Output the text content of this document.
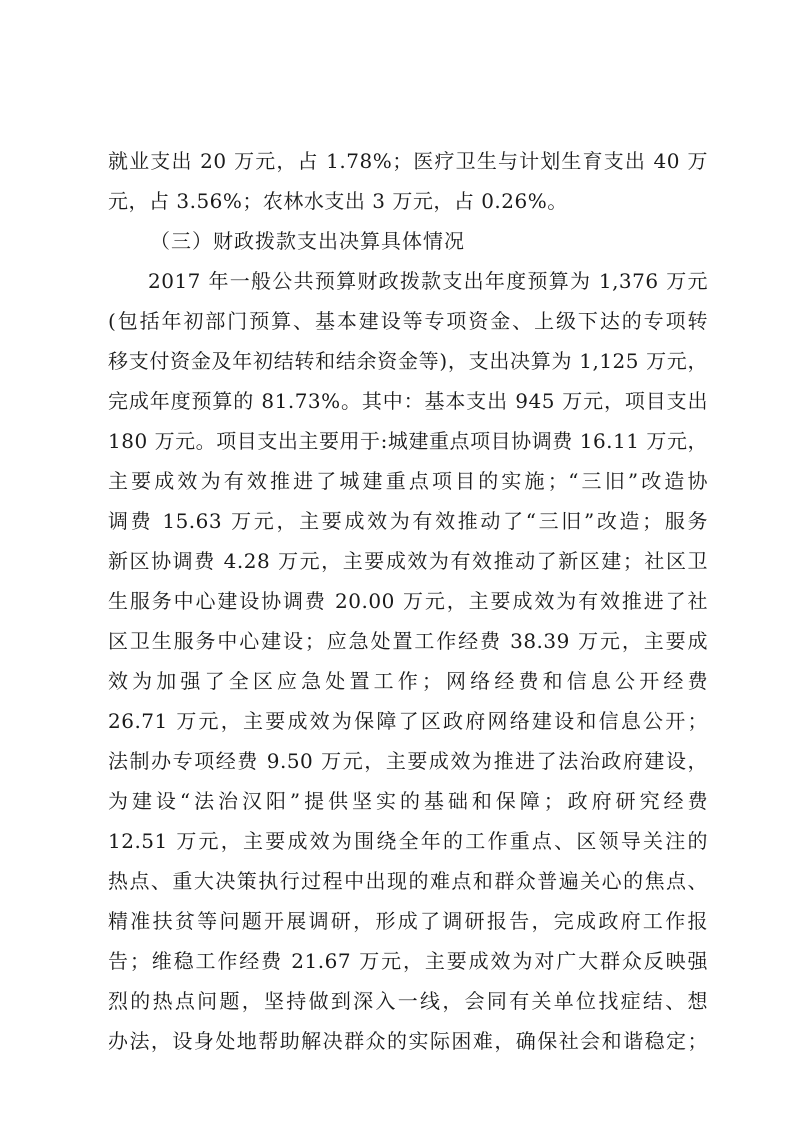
就业支出 20 万元，占 1.78%；医疗卫生与计划生育支出 40 万
元，占 3.56%；农林水支出 3 万元，占 0.26%。
（三）财政拨款支出决算具体情况
2017 年一般公共预算财政拨款支出年度预算为 1,376 万元
(包括年初部门预算、基本建设等专项资金、上级下达的专项转
移支付资金及年初结转和结余资金等)，支出决算为 1,125 万元，
完成年度预算的 81.73%。其中：基本支出 945 万元，项目支出
180 万元。项目支出主要用于:城建重点项目协调费 16.11 万元，
主要成效为有效推进了城建重点项目的实施；“三旧”改造协
调费 15.63 万元，主要成效为有效推动了“三旧”改造；服务
新区协调费 4.28 万元，主要成效为有效推动了新区建；社区卫
生服务中心建设协调费 20.00 万元，主要成效为有效推进了社
区卫生服务中心建设；应急处置工作经费 38.39 万元，主要成
效为加强了全区应急处置工作；网络经费和信息公开经费
26.71 万元，主要成效为保障了区政府网络建设和信息公开；
法制办专项经费 9.50 万元，主要成效为推进了法治政府建设，
为建设“法治汉阳”提供坚实的基础和保障；政府研究经费
12.51 万元，主要成效为围绕全年的工作重点、区领导关注的
热点、重大决策执行过程中出现的难点和群众普遍关心的焦点、
精准扶贫等问题开展调研，形成了调研报告，完成政府工作报
告；维稳工作经费 21.67 万元，主要成效为对广大群众反映强
烈的热点问题，坚持做到深入一线，会同有关单位找症结、想
办法，设身处地帮助解决群众的实际困难，确保社会和谐稳定；
